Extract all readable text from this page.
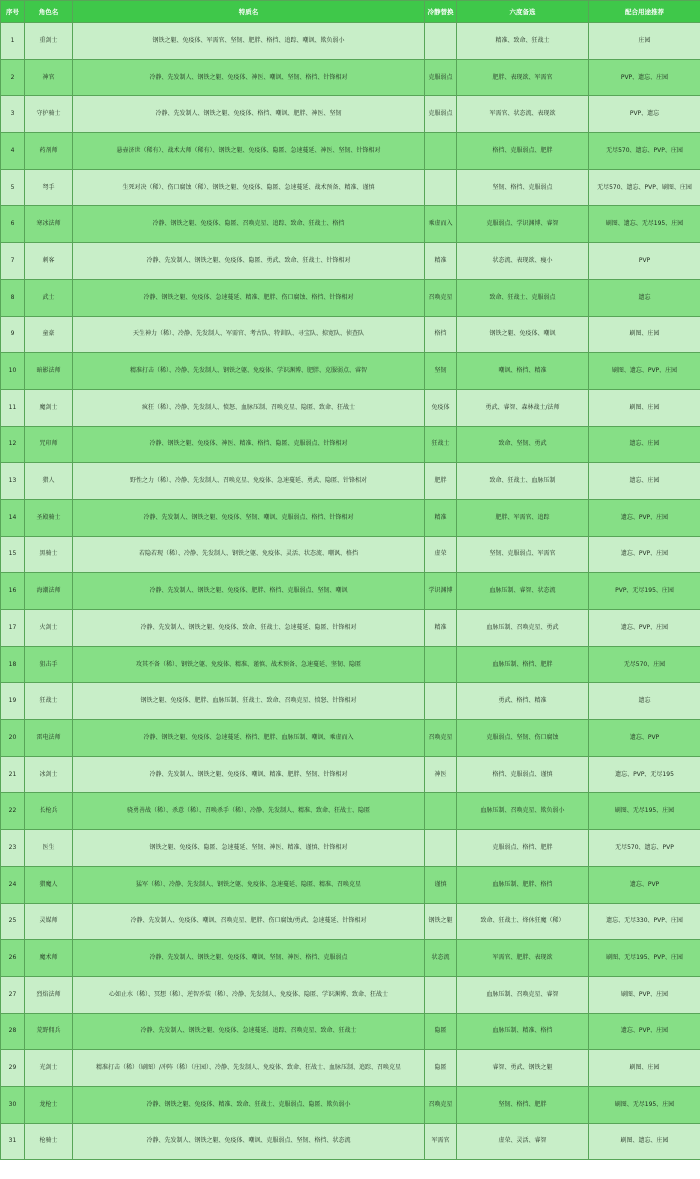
序号	角色名	特质名	冷静替换	六度备选	配合用途推荐
1	重剑士	钢铁之躯、免疫体、军需官、坚韧、肥胖、格挡、追踪、嘲讽、欺负弱小		精准、致命、狂战士	庄园
2	神官	冷静、先发制人、钢铁之躯、免疫体、神医、嘲讽、坚韧、格挡、针锋相对	克服弱点	肥胖、表现欲、军需官	PVP、遗忘、庄园
3	守护骑士	冷静、先发制人、钢铁之躯、免疫体、格挡、嘲讽、肥胖、神医、坚韧	克服弱点	军需官、状态流、表现欲	PVP、遗忘
4	药剂师	悬壶济世（稀有）、战术大师（稀有）、钢铁之躯、免疫体、隐匿、急速蔓延、神医、坚韧、针锋相对		格挡、克服弱点、肥胖	无尽570、遗忘、PVP、庄园
5	弩手	生死对决（稀）、伤口腐蚀（稀）、钢铁之躯、免疫体、隐匿、急速蔓延、战术预备、精准、谨慎		坚韧、格挡、克服弱点	无尽570、遗忘、PVP、刷图、庄园
6	寒冰法师	冷静、钢铁之躯、免疫体、隐匿、召唤克星、追踪、致命、狂战士、格挡	乘虚而入	克服弱点、学识渊博、睿智	刷图、遗忘、无尽195、庄园
7	刺客	冷静、先发制人、钢铁之躯、免疫体、隐匿、勇武、致命、狂战士、针锋相对	精准	状态流、表现欲、瘦小	PVP
8	武士	冷静、钢铁之躯、免疫体、急速蔓延、精准、肥胖、伤口腐蚀、格挡、针锋相对	召唤克星	致命、狂战士、克服弱点	遗忘
9	童豪	天生神力（稀）、冷静、先发制人、军需官、考古队、特训队、寻宝队、掠宽队、侦查队	格挡	钢铁之躯、免疫体、嘲讽	刷图、庄园
10	暗影法师	精准打击（稀）、冷静、先发制人、钢铁之躯、免疫体、学识渊博、肥胖、克服弱点、睿智	坚韧	嘲讽、格挡、精准	刷图、遗忘、PVP、庄园
11	魔剑士	疯狂（稀）、冷静、先发制人、愤怒、血脉压制、召唤克星、隐匿、致命、狂战士	免疫体	勇武、睿智、森林战士/法师	刷图、庄园
12	咒印师	冷静、钢铁之躯、免疫体、神医、精准、格挡、隐匿、克服弱点、针锋相对	狂战士	致命、坚韧、勇武	遗忘、庄园
13	猎人	野性之力（稀）、冷静、先发制人、召唤克星、免疫体、急速蔓延、勇武、隐匿、针锋相对	肥胖	致命、狂战士、血脉压制	遗忘、庄园
14	圣殿骑士	冷静、先发制人、钢铁之躯、免疫体、坚韧、嘲讽、克服弱点、格挡、针锋相对	精准	肥胖、军需官、追踪	遗忘、PVP、庄园
15	黑骑士	若隐若现（稀）、冷静、先发制人、钢铁之躯、免疫体、灵活、状态流、嘲讽、格挡	虚荣	坚韧、克服弱点、军需官	遗忘、PVP、庄园
16	海潮法师	冷静、先发制人、钢铁之躯、免疫体、肥胖、格挡、克服弱点、坚韧、嘲讽	学识渊博	血脉压制、睿智、状态流	PVP、无尽195、庄园
17	火剑士	冷静、先发制人、钢铁之躯、免疫体、致命、狂战士、急速蔓延、隐匿、针锋相对	精准	血脉压制、召唤克星、勇武	遗忘、PVP、庄园
18	狙击手	攻其不备（稀）、钢铁之躯、免疫体、精准、谨慎、战术预备、急速蔓延、坚韧、隐匿		血脉压制、格挡、肥胖	无尽570、庄园
19	狂战士	钢铁之躯、免疫体、肥胖、血脉压制、狂战士、致命、召唤克星、愤怒、针锋相对		勇武、格挡、精准	遗忘
20	雷电法师	冷静、钢铁之躯、免疫体、急速蔓延、格挡、肥胖、血脉压制、嘲讽、乘虚而入	召唤克星	克服弱点、坚韧、伤口腐蚀	遗忘、PVP
21	冰剑士	冷静、先发制人、钢铁之躯、免疫体、嘲讽、精准、肥胖、坚韧、针锋相对	神医	格挡、克服弱点、谨慎	遗忘、PVP、无尽195
22	长枪兵	骁勇善战（稀）、杀意（稀）、召唤杀手（稀）、冷静、先发制人、精准、致命、狂战士、隐匿		血脉压制、召唤克星、欺负弱小	刷图、无尽195、庄园
23	医生	钢铁之躯、免疫体、隐匿、急速蔓延、坚韧、神医、精准、谨慎、针锋相对		克服弱点、格挡、肥胖	无尽570、遗忘、PVP
24	猎魔人	猛军（稀）、冷静、先发制人、钢铁之躯、免疫体、急速蔓延、隐匿、精准、召唤克星	谨慎	血脉压制、肥胖、格挡	遗忘、PVP
25	灵媒师	冷静、先发制人、免疫体、嘲讽、召唤克星、肥胖、伤口腐蚀/勇武、急速蔓延、针锋相对	钢铁之躯	致命、狂战士、烽休狂魔（稀）	遗忘、无尽330、PVP、庄园
26	魔术师	冷静、先发制人、钢铁之躯、免疫体、嘲讽、坚韧、神医、格挡、克服弱点	状态流	军需官、肥胖、表现欲	刷图、无尽195、PVP、庄园
27	烈焰法师	心如止水（稀）、冥想（稀）、逆智乔装（稀）、冷静、先发制人、免疫体、隐匿、学识渊博、致命、狂战士		血脉压制、召唤克星、睿智	刷图、PVP、庄园
28	荒野佣兵	冷静、先发制人、钢铁之躯、免疫体、急速蔓延、追踪、召唤克星、致命、狂战士	隐匿	血脉压制、精准、格挡	遗忘、PVP、庄园
29	光剑士	精准打击（稀）（刷图）/冲阵（稀）（庄园）、冷静、先发制人、免疫体、致命、狂战士、血脉压制、追踪、召唤克星	隐匿	睿智、勇武、钢铁之躯	刷图、庄园
30	龙枪士	冷静、钢铁之躯、免疫体、精准、致命、狂战士、克服弱点、隐匿、欺负弱小	召唤克星	坚韧、格挡、肥胖	刷图、无尽195、庄园
31	枪骑士	冷静、先发制人、钢铁之躯、免疫体、嘲讽、克服弱点、坚韧、格挡、状态流	军需官	虚荣、灵活、睿智	刷图、遗忘、庄园
